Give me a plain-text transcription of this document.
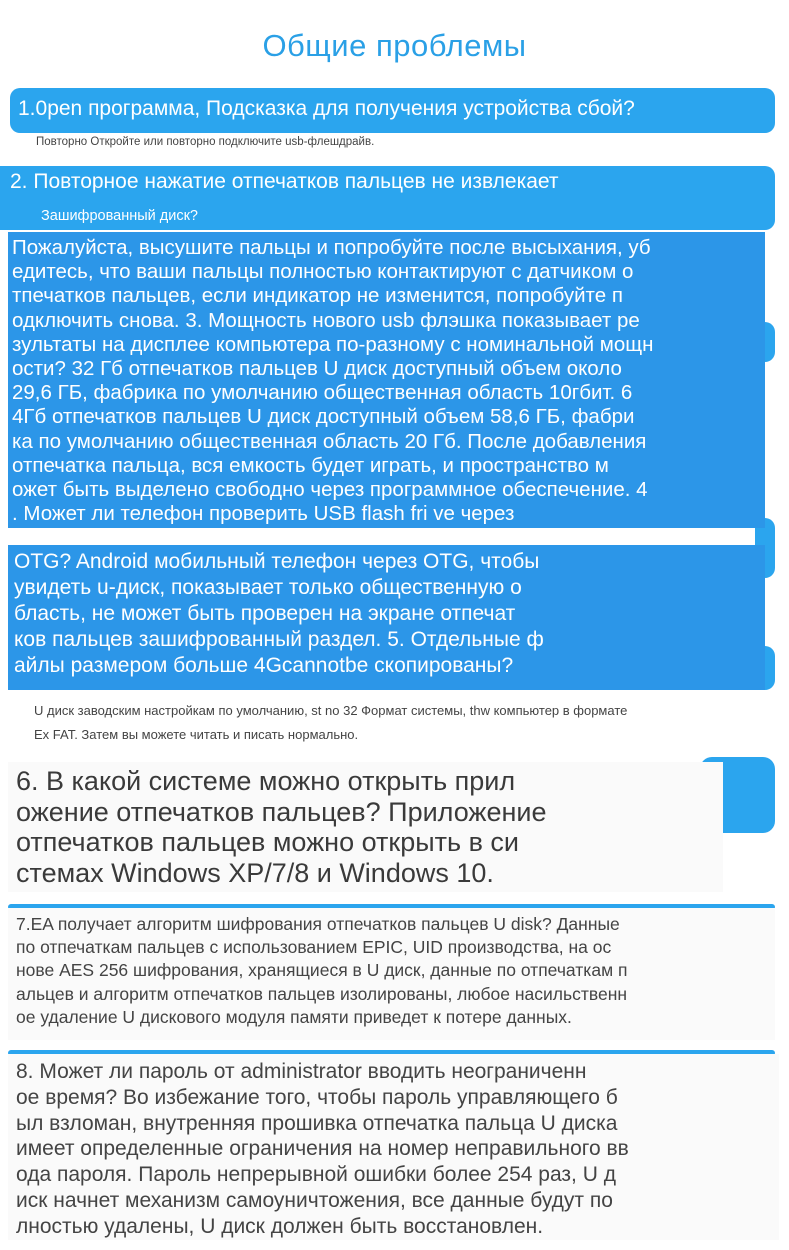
Общие проблемы
1.0pen программа, Подсказка для получения устройства сбой?
Повторно Откройте или повторно подключите usb-флешдрайв.
2. Повторное нажатие отпечатков пальцев не извлекает
Зашифрованный диск?
Пожалуйста, высушите пальцы и попробуйте после высыхания, уб
едитесь, что ваши пальцы полностью контактируют с датчиком о
тпечатков пальцев, если индикатор не изменится, попробуйте п
одключить снова. 3. Мощность нового usb флэшка показывает ре
зультаты на дисплее компьютера по-разному с номинальной мощн
ости? 32 Гб отпечатков пальцев U диск доступный объем около
29,6 ГБ, фабрика по умолчанию общественная область 10гбит. 6
4Гб отпечатков пальцев U диск доступный объем 58,6 ГБ, фабри
ка по умолчанию общественная область 20 Гб. После добавления
отпечатка пальца, вся емкость будет играть, и пространство м
ожет быть выделено свободно через программное обеспечение. 4
. Может ли телефон проверить USB flash fri ve через
OTG? Android мобильный телефон через OTG, чтобы
увидеть u-диск, показывает только общественную о
бласть, не может быть проверен на экране отпечат
ков пальцев зашифрованный раздел. 5. Отдельные ф
айлы размером больше 4Gcannotbe скопированы?
U диск заводским настройкам по умолчанию, st no 32 Формат системы, thw компьютер в формате
Ex FAT. Затем вы можете читать и писать нормально.
6. В какой системе можно открыть прил
ожение отпечатков пальцев? Приложение
отпечатков пальцев можно открыть в си
стемах Windows XP/7/8 и Windows 10.
7.EA получает алгоритм шифрования отпечатков пальцев U disk? Данные
по отпечаткам пальцев с использованием EPIC, UID производства, на ос
нове AES 256 шифрования, хранящиеся в U диск, данные по отпечаткам п
альцев и алгоритм отпечатков пальцев изолированы, любое насильственн
ое удаление U дискового модуля памяти приведет к потере данных.
8. Может ли пароль от administrator вводить неограниченн
ое время? Во избежание того, чтобы пароль управляющего б
ыл взломан, внутренняя прошивка отпечатка пальца U диска
имеет определенные ограничения на номер неправильного вв
ода пароля. Пароль непрерывной ошибки более 254 раз, U д
иск начнет механизм самоуничтожения, все данные будут по
лностью удалены, U диск должен быть восстановлен.
